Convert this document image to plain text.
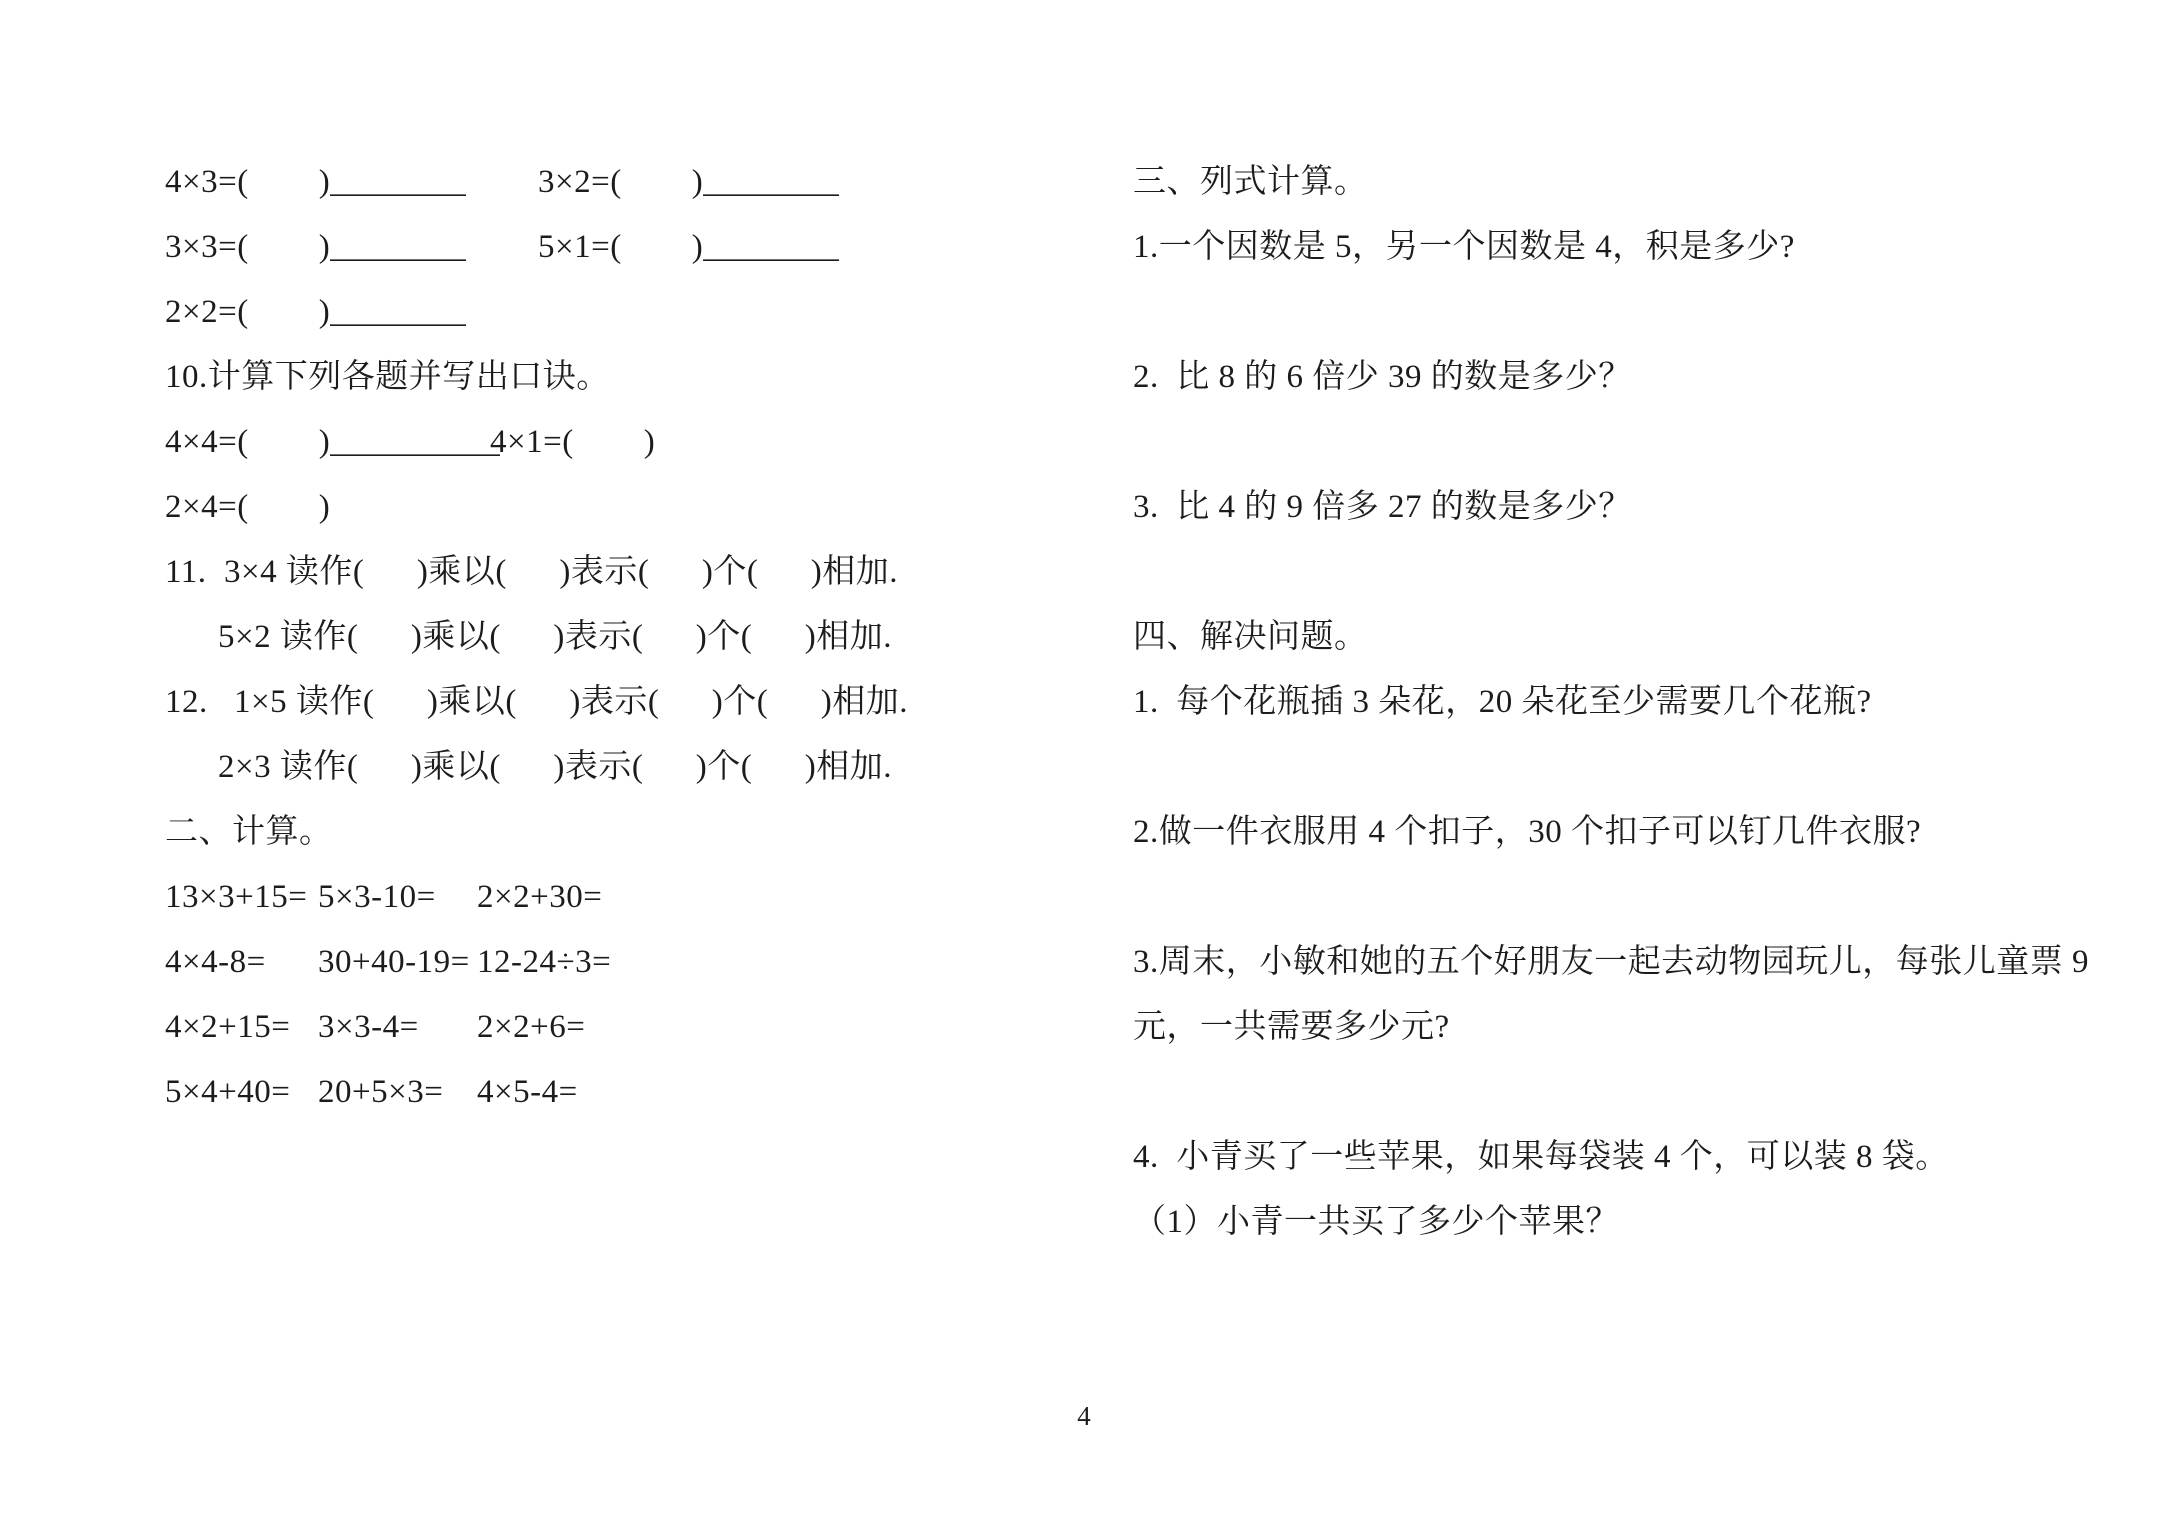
4×3=(        )________ 3×2=(        )________
3×3=(        )________ 5×1=(        )________
2×2=(        )________
10.计算下列各题并写出口诀。
4×4=(        )__________
4×1=(        )
2×4=(        )
11.  3×4 读作(      )乘以(      )表示(      )个(      )相加.
5×2 读作(      )乘以(      )表示(      )个(      )相加.
12.   1×5 读作(      )乘以(      )表示(      )个(      )相加.
2×3 读作(      )乘以(      )表示(      )个(      )相加.
二、计算。
13×3+15= 5×3-10= 2×2+30=
4×4-8= 30+40-19= 12-24÷3=
4×2+15= 3×3-4= 2×2+6=
5×4+40= 20+5×3= 4×5-4=
三、列式计算。
1.一个因数是 5，另一个因数是 4，积是多少?
2.  比 8 的 6 倍少 39 的数是多少？
3.  比 4 的 9 倍多 27 的数是多少？
四、解决问题。
1.  每个花瓶插 3 朵花，20 朵花至少需要几个花瓶?
2.做一件衣服用 4 个扣子，30 个扣子可以钉几件衣服?
3.周末，小敏和她的五个好朋友一起去动物园玩儿，每张儿童票 9
元，一共需要多少元?
4.  小青买了一些苹果，如果每袋装 4 个，可以装 8 袋。
（1）小青一共买了多少个苹果？
4
